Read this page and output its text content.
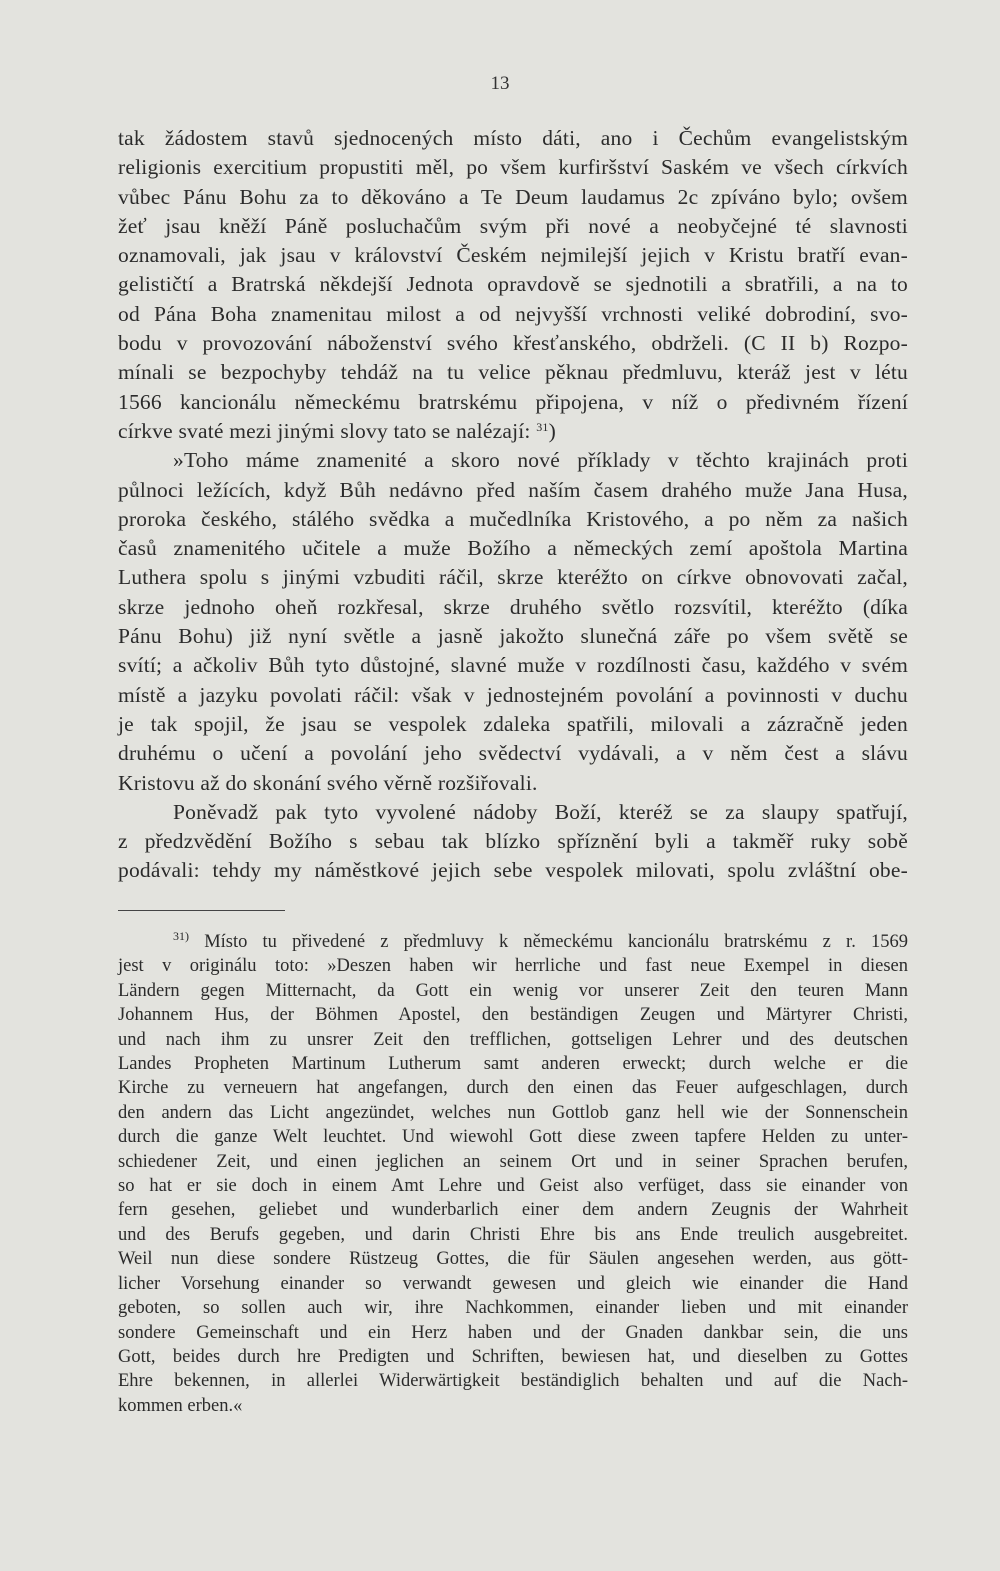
13

tak žádostem stavů sjednocených místo dáti, ano i Čechům evangelistským
religionis exercitium propustiti měl, po všem kurfiršství Saském ve všech církvích
vůbec Pánu Bohu za to děkováno a Te Deum laudamus 2c zpíváno bylo; ovšem
žeť jsau kněží Páně posluchačům svým při nové a neobyčejné té slavnosti
oznamovali, jak jsau v království Českém nejmilejší jejich v Kristu bratří evan-
gelističtí a Bratrská někdejší Jednota opravdově se sjednotili a sbratřili, a na to
od Pána Boha znamenitau milost a od nejvyšší vrchnosti veliké dobrodiní, svo-
bodu v provozování náboženství svého křesťanského, obdrželi. (C II b) Rozpo-
mínali se bezpochyby tehdáž na tu velice pěknau předmluvu, kteráž jest v létu
1566 kancionálu německému bratrskému připojena, v níž o předivném řízení
církve svaté mezi jinými slovy tato se nalézají: $^{31}$)

»Toho máme znamenité a skoro nové příklady v těchto krajinách proti
půlnoci ležících, když Bůh nedávno před naším časem drahého muže Jana Husa,
proroka českého, stálého svědka a mučedlníka Kristového, a po něm za našich
časů znamenitého učitele a muže Božího a německých zemí apoštola Martina
Luthera spolu s jinými vzbuditi ráčil, skrze kteréžto on církve obnovovati začal,
skrze jednoho oheň rozkřesal, skrze druhého světlo rozsvítil, kteréžto (díka
Pánu Bohu) již nyní světle a jasně jakožto slunečná záře po všem světě se
svítí; a ačkoliv Bůh tyto důstojné, slavné muže v rozdílnosti času, každého v svém
místě a jazyku povolati ráčil: však v jednostejném povolání a povinnosti v duchu
je tak spojil, že jsau se vespolek zdaleka spatřili, milovali a zázračně jeden
druhému o učení a povolání jeho svědectví vydávali, a v něm čest a slávu
Kristovu až do skonání svého věrně rozšiřovali.

Poněvadž pak tyto vyvolené nádoby Boží, kteréž se za slaupy spatřují,
z předzvědění Božího s sebau tak blízko spříznění byli a takměř ruky sobě
podávali: tehdy my náměstkové jejich sebe vespolek milovati, spolu zvláštní obe-

$^{31)}$ Místo tu přivedené z předmluvy k německému kancionálu bratrskému z r. 1569
jest v originálu toto: »Deszen haben wir herrliche und fast neue Exempel in diesen
Ländern gegen Mitternacht, da Gott ein wenig vor unserer Zeit den teuren Mann
Johannem Hus, der Böhmen Apostel, den beständigen Zeugen und Märtyrer Christi,
und nach ihm zu unsrer Zeit den trefflichen, gottseligen Lehrer und des deutschen
Landes Propheten Martinum Lutherum samt anderen erweckt; durch welche er die
Kirche zu verneuern hat angefangen, durch den einen das Feuer aufgeschlagen, durch
den andern das Licht angezündet, welches nun Gottlob ganz hell wie der Sonnenschein
durch die ganze Welt leuchtet. Und wiewohl Gott diese zween tapfere Helden zu unter-
schiedener Zeit, und einen jeglichen an seinem Ort und in seiner Sprachen berufen,
so hat er sie doch in einem Amt Lehre und Geist also verfüget, dass sie einander von
fern gesehen, geliebet und wunderbarlich einer dem andern Zeugnis der Wahrheit
und des Berufs gegeben, und darin Christi Ehre bis ans Ende treulich ausgebreitet.
Weil nun diese sondere Rüstzeug Gottes, die für Säulen angesehen werden, aus gött-
licher Vorsehung einander so verwandt gewesen und gleich wie einander die Hand
geboten, so sollen auch wir, ihre Nachkommen, einander lieben und mit einander
sondere Gemeinschaft und ein Herz haben und der Gnaden dankbar sein, die uns
Gott, beides durch hre Predigten und Schriften, bewiesen hat, und dieselben zu Gottes
Ehre bekennen, in allerlei Widerwärtigkeit beständiglich behalten und auf die Nach-
kommen erben.«
